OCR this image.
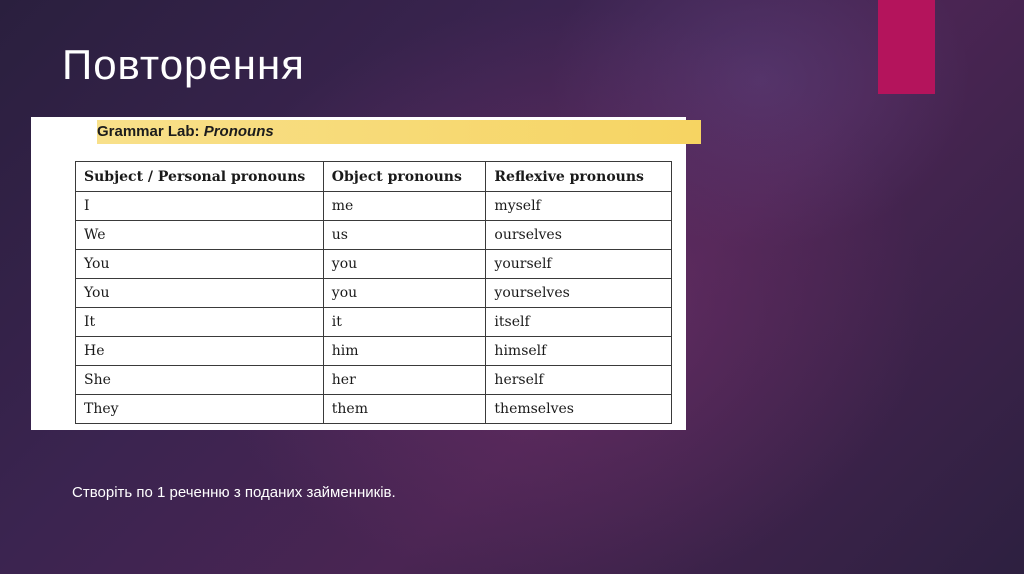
Повторення
Grammar Lab: Pronouns
Subject / Personal pronouns	Object pronouns	Reflexive pronouns
I	me	myself
We	us	ourselves
You	you	yourself
You	you	yourselves
It	it	itself
He	him	himself
She	her	herself
They	them	themselves
Створіть по 1 реченню з поданих займенників.
